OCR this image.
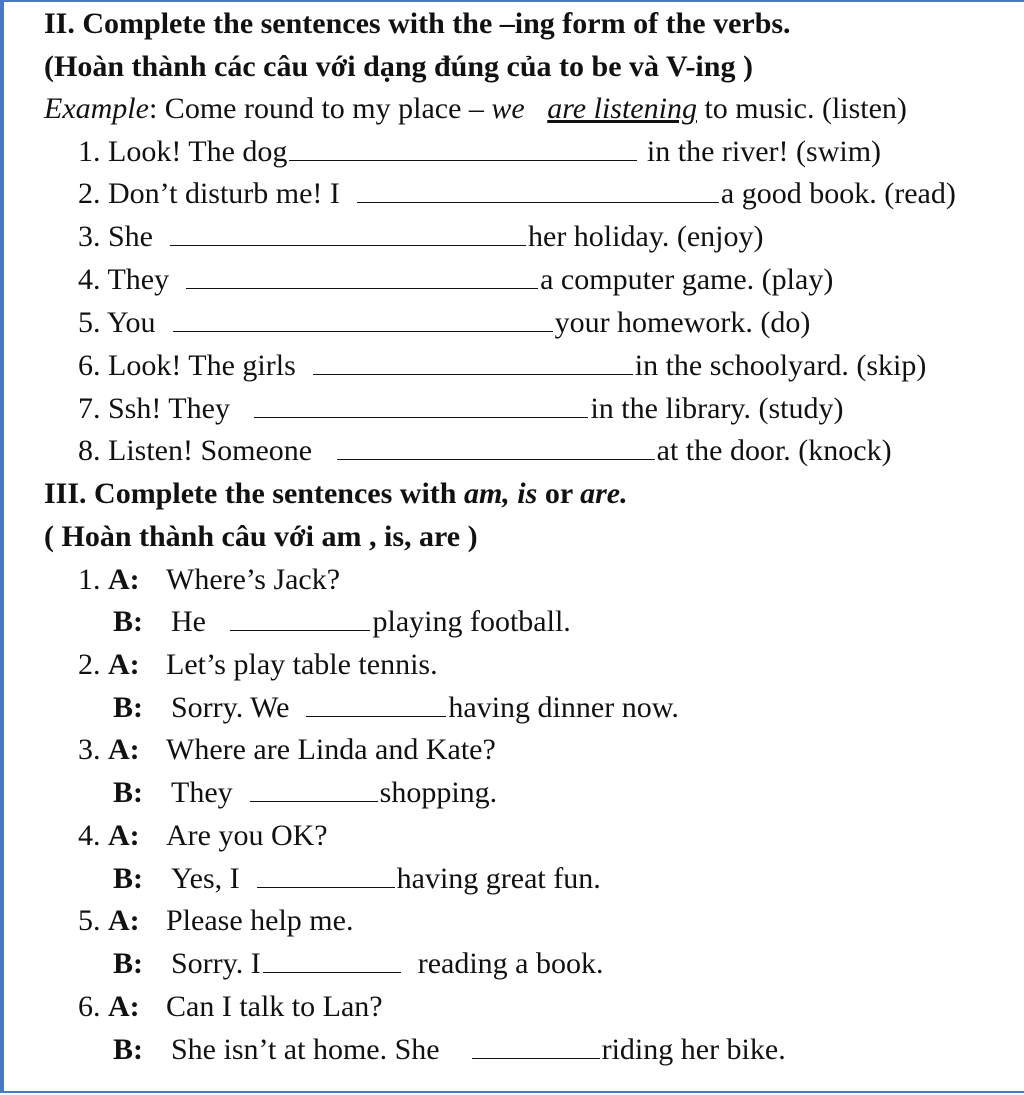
II. Complete the sentences with the –ing form of the verbs.
(Hoàn thành các câu với dạng đúng của to be và V-ing )
Example: Come round to my place – we are listening to music. (listen)
1. Look! The dog	in the river! (swim)
2. Don’t disturb me! I	a good book. (read)
3. She	her holiday. (enjoy)
4. They	a computer game. (play)
5. You	your homework. (do)
6. Look! The girls	in the schoolyard. (skip)
7. Ssh! They	in the library. (study)
8. Listen! Someone	at the door. (knock)
III. Complete the sentences with am, is or are.
( Hoàn thành câu với am , is, are )
1. A: Where’s Jack?
B: He	playing football.
2. A: Let’s play table tennis.
B: Sorry. We	having dinner now.
3. A: Where are Linda and Kate?
B: They	shopping.
4. A: Are you OK?
B: Yes, I	having great fun.
5. A: Please help me.
B: Sorry. I	reading a book.
6. A: Can I talk to Lan?
B: She isn’t at home. She	riding her bike.
